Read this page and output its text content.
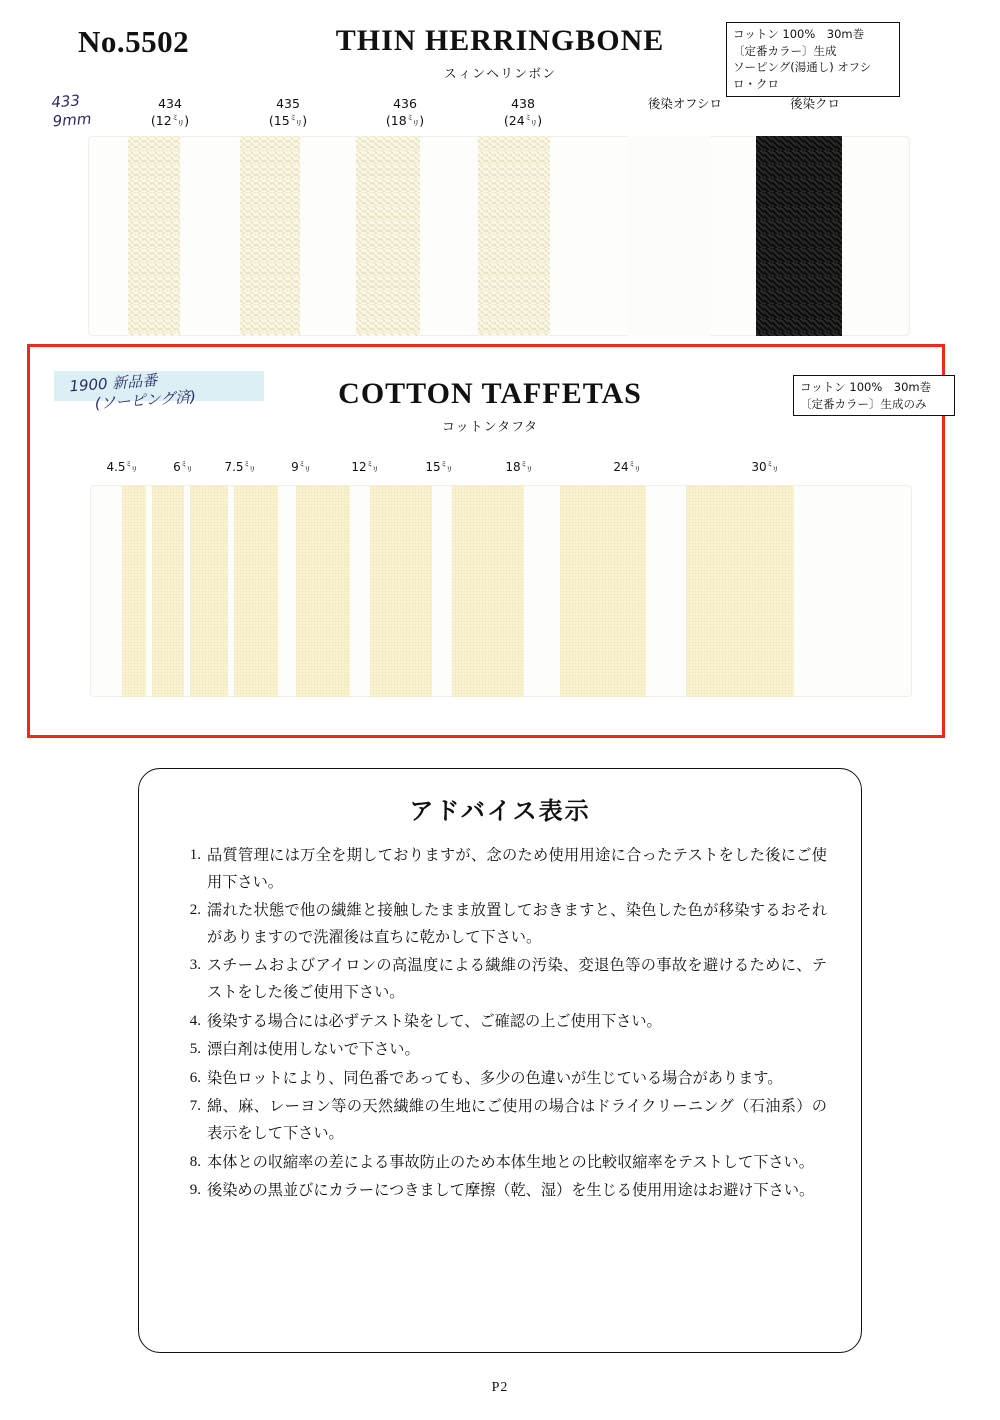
No.5502	THIN HERRINGBONE
スィンヘリンボン
コットン 100%　30m巻
〔定番カラー〕生成
ソーピング(湯通し) オフシロ・クロ
433
9mm
434
(12㍉)
435
(15㍉)
436
(18㍉)
438
(24㍉)
後染オフシロ	後染クロ
COTTON TAFFETAS
コットンタフタ
コットン 100%　30m巻
〔定番カラー〕生成のみ
1900 新品番
(ソーピング済)
4.5㍉	6㍉	7.5㍉	9㍉	12㍉	15㍉	18㍉	24㍉	30㍉
アドバイス表示
1. 品質管理には万全を期しておりますが、念のため使用用途に合ったテストをした後にご使用下さい。
2. 濡れた状態で他の繊維と接触したまま放置しておきますと、染色した色が移染するおそれがありますので洗濯後は直ちに乾かして下さい。
3. スチームおよびアイロンの高温度による繊維の汚染、変退色等の事故を避けるために、テストをした後ご使用下さい。
4. 後染する場合には必ずテスト染をして、ご確認の上ご使用下さい。
5. 漂白剤は使用しないで下さい。
6. 染色ロットにより、同色番であっても、多少の色違いが生じている場合があります。
7. 綿、麻、レーヨン等の天然繊維の生地にご使用の場合はドライクリーニング（石油系）の表示をして下さい。
8. 本体との収縮率の差による事故防止のため本体生地との比較収縮率をテストして下さい。
9. 後染めの黒並びにカラーにつきまして摩擦（乾、湿）を生じる使用用途はお避け下さい。
P2
